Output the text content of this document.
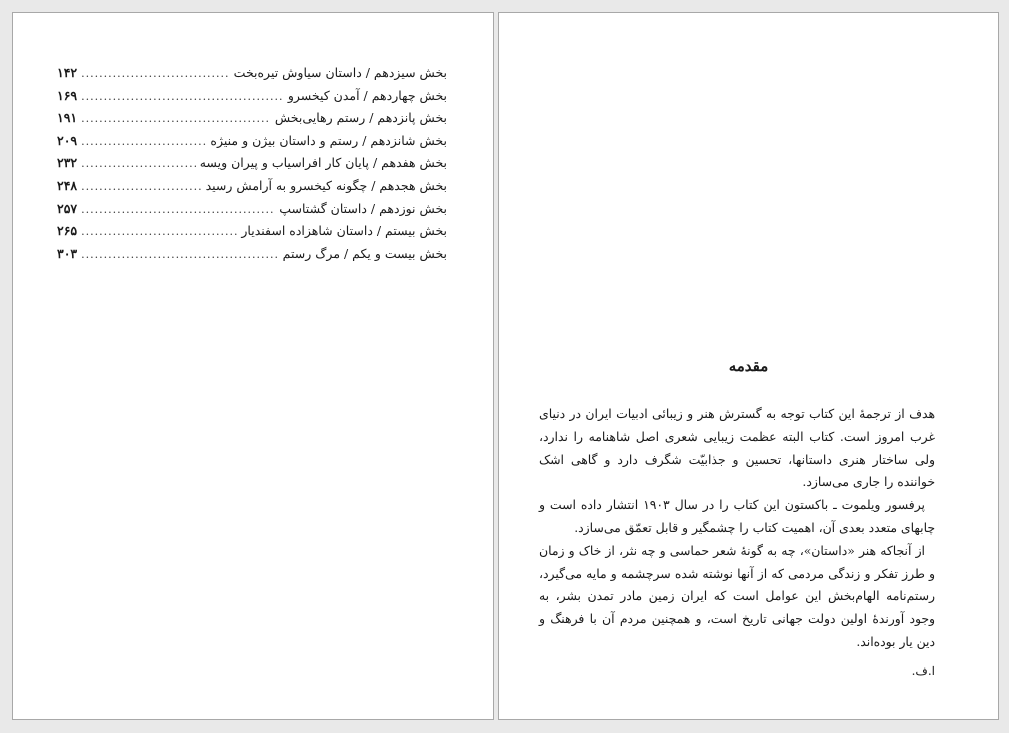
بخش سیزدهم / داستان سیاوش تیره‌بخت
.....
۱۴۲
بخش چهاردهم / آمدن کیخسرو
.....
۱۶۹
بخش پانزدهم / رستم رهایی‌بخش
.....
۱۹۱
بخش شانزدهم / رستم و داستان بیژن و منیژه
.....
۲۰۹
بخش هفدهم / پایان کار افراسیاب و پیران ویسه
.....
۲۳۲
بخش هجدهم / چگونه کیخسرو به آرامش رسید
.....
۲۴۸
بخش نوزدهم / داستان گشتاسپ
.....
۲۵۷
بخش بیستم / داستان شاهزاده اسفندیار
.....
۲۶۵
بخش بیست و یکم / مرگ رستم
.....
۳۰۳
مقدمه

هدف از ترجمهٔ این کتاب توجه به گسترش هنر و زیبائی ادبیات ایران در دنیای غرب امروز است. کتاب البته عظمت زیبایی شعری اصل شاهنامه را ندارد، ولی ساختار هنری داستانها، تحسین و جذابیّت شگرف دارد و گاهی اشک خواننده را جاری می‌سازد.

پرفسور ویلموت ـ باکستون این کتاب را در سال ۱۹۰۳ انتشار داده است و چابهای متعدد بعدی آن، اهمیت کتاب را چشمگیر و قابل تعمّق می‌سازد.

از آنجاکه هنر «داستان»، چه به گونهٔ شعر حماسی و چه نثر، از خاک و زمان و طرز تفکر و زندگی مردمی که از آنها نوشته شده سرچشمه و مایه می‌گیرد، رستم‌نامه الهام‌بخش این عوامل است که ایران زمین مادر تمدن بشر، به وجود آورندهٔ اولین دولت جهانی تاریخ است، و همچنین مردم آن با فرهنگ و دین یار بوده‌اند.

ا.ف.
